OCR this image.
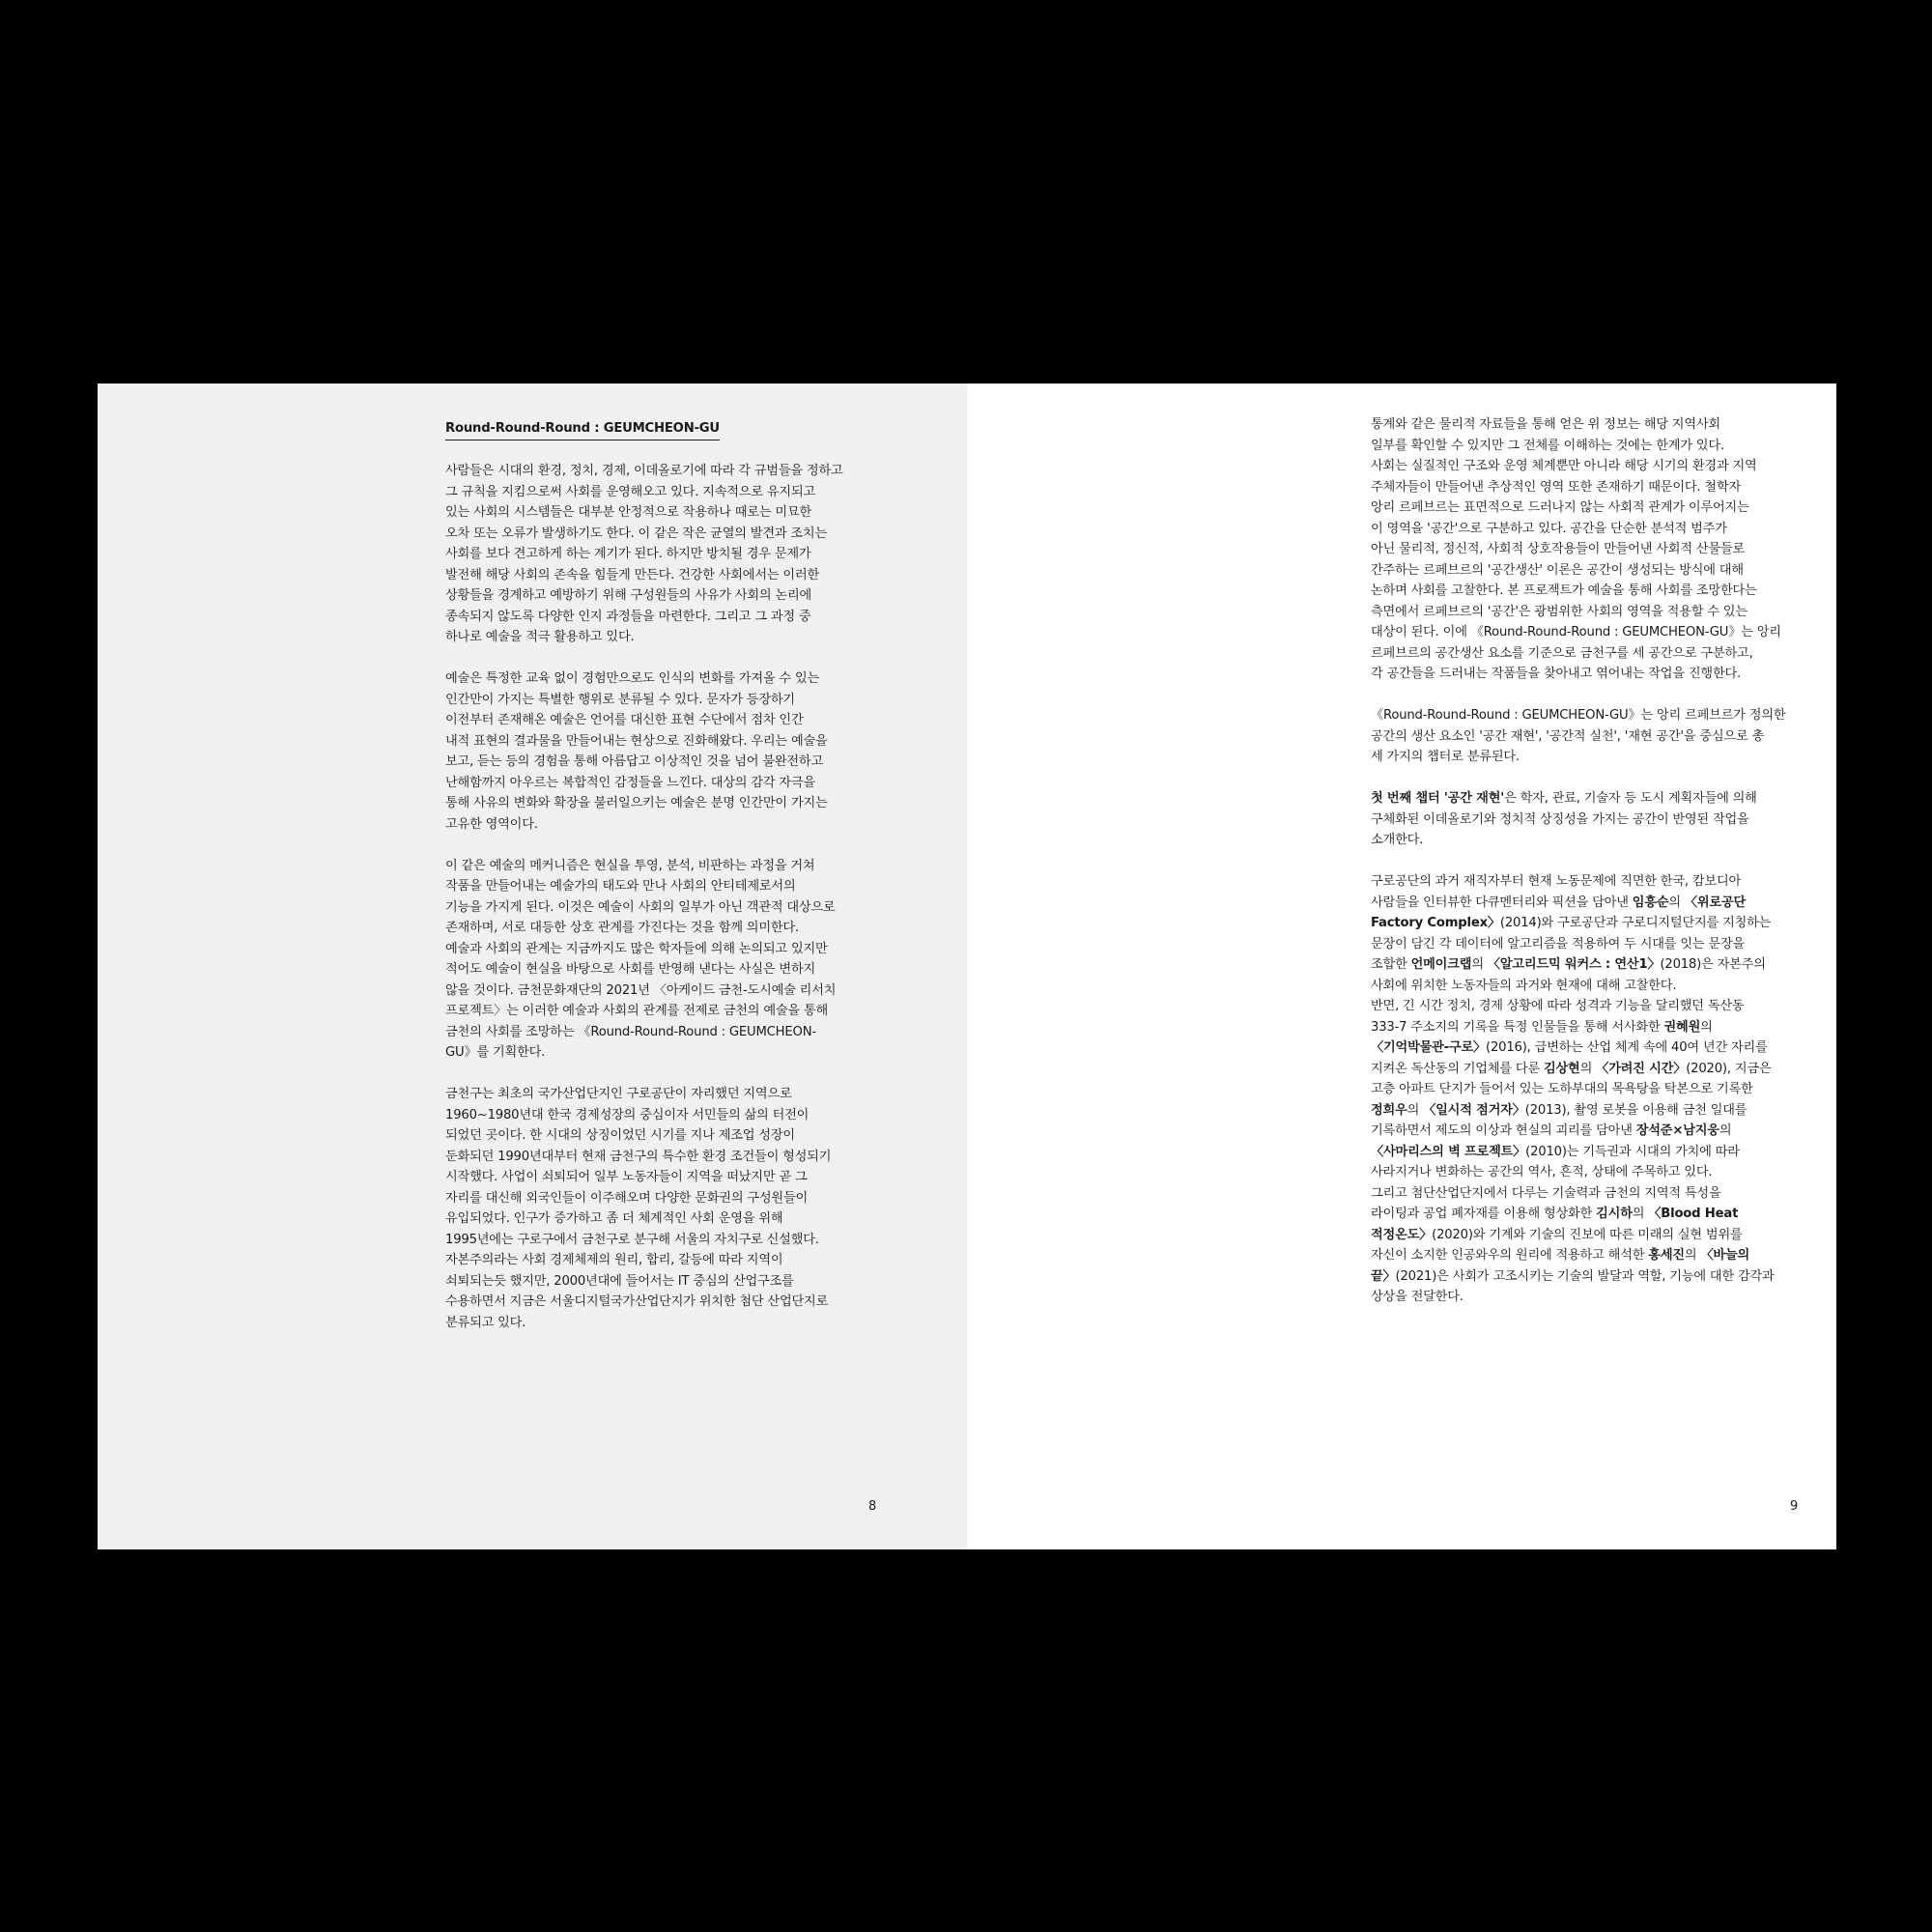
Round-Round-Round : GEUMCHEON-GU
사람들은 시대의 환경, 정치, 경제, 이데올로기에 따라 각 규범들을 정하고
그 규칙을 지킴으로써 사회를 운영해오고 있다. 지속적으로 유지되고
있는 사회의 시스템들은 대부분 안정적으로 작용하나 때로는 미묘한
오차 또는 오류가 발생하기도 한다. 이 같은 작은 균열의 발견과 조치는
사회를 보다 견고하게 하는 계기가 된다. 하지만 방치될 경우 문제가
발전해 해당 사회의 존속을 힘들게 만든다. 건강한 사회에서는 이러한
상황들을 경계하고 예방하기 위해 구성원들의 사유가 사회의 논리에
종속되지 않도록 다양한 인지 과정들을 마련한다. 그리고 그 과정 중
하나로 예술을 적극 활용하고 있다.
예술은 특정한 교육 없이 경험만으로도 인식의 변화를 가져올 수 있는
인간만이 가지는 특별한 행위로 분류될 수 있다. 문자가 등장하기
이전부터 존재해온 예술은 언어를 대신한 표현 수단에서 점차 인간
내적 표현의 결과물을 만들어내는 현상으로 진화해왔다. 우리는 예술을
보고, 듣는 등의 경험을 통해 아름답고 이상적인 것을 넘어 불완전하고
난해함까지 아우르는 복합적인 감정들을 느낀다. 대상의 감각 자극을
통해 사유의 변화와 확장을 불러일으키는 예술은 분명 인간만이 가지는
고유한 영역이다.
이 같은 예술의 메커니즘은 현실을 투영, 분석, 비판하는 과정을 거쳐
작품을 만들어내는 예술가의 태도와 만나 사회의 안티테제로서의
기능을 가지게 된다. 이것은 예술이 사회의 일부가 아닌 객관적 대상으로
존재하며, 서로 대등한 상호 관계를 가진다는 것을 함께 의미한다.
예술과 사회의 관계는 지금까지도 많은 학자들에 의해 논의되고 있지만
적어도 예술이 현실을 바탕으로 사회를 반영해 낸다는 사실은 변하지
않을 것이다. 금천문화재단의 2021년 〈아케이드 금천-도시예술 리서치
프로젝트〉는 이러한 예술과 사회의 관계를 전제로 금천의 예술을 통해
금천의 사회를 조망하는 《Round-Round-Round : GEUMCHEON-
GU》를 기획한다.
금천구는 최초의 국가산업단지인 구로공단이 자리했던 지역으로
1960~1980년대 한국 경제성장의 중심이자 서민들의 삶의 터전이
되었던 곳이다. 한 시대의 상징이었던 시기를 지나 제조업 성장이
둔화되던 1990년대부터 현재 금천구의 특수한 환경 조건들이 형성되기
시작했다. 사업이 쇠퇴되어 일부 노동자들이 지역을 떠났지만 곧 그
자리를 대신해 외국인들이 이주해오며 다양한 문화권의 구성원들이
유입되었다. 인구가 증가하고 좀 더 체계적인 사회 운영을 위해
1995년에는 구로구에서 금천구로 분구해 서울의 자치구로 신설했다.
자본주의라는 사회 경제체제의 원리, 합리, 갈등에 따라 지역이
쇠퇴되는듯 했지만, 2000년대에 들어서는 IT 중심의 산업구조를
수용하면서 지금은 서울디지털국가산업단지가 위치한 첨단 산업단지로
분류되고 있다.
8
통계와 같은 물리적 자료들을 통해 얻은 위 정보는 해당 지역사회
일부를 확인할 수 있지만 그 전체를 이해하는 것에는 한계가 있다.
사회는 실질적인 구조와 운영 체계뿐만 아니라 해당 시기의 환경과 지역
주체자들이 만들어낸 추상적인 영역 또한 존재하기 때문이다. 철학자
앙리 르페브르는 표면적으로 드러나지 않는 사회적 관계가 이루어지는
이 영역을 '공간'으로 구분하고 있다. 공간을 단순한 분석적 범주가
아닌 물리적, 정신적, 사회적 상호작용들이 만들어낸 사회적 산물들로
간주하는 르페브르의 '공간생산' 이론은 공간이 생성되는 방식에 대해
논하며 사회를 고찰한다. 본 프로젝트가 예술을 통해 사회를 조망한다는
측면에서 르페브르의 '공간'은 광범위한 사회의 영역을 적용할 수 있는
대상이 된다. 이에 《Round-Round-Round : GEUMCHEON-GU》는 앙리
르페브르의 공간생산 요소를 기준으로 금천구를 세 공간으로 구분하고,
각 공간들을 드러내는 작품들을 찾아내고 엮어내는 작업을 진행한다.
《Round-Round-Round : GEUMCHEON-GU》는 앙리 르페브르가 정의한
공간의 생산 요소인 '공간 재현', '공간적 실천', '재현 공간'을 중심으로 총
세 가지의 챕터로 분류된다.
첫 번째 챕터 '공간 재현'은 학자, 관료, 기술자 등 도시 계획자들에 의해
구체화된 이데올로기와 정치적 상징성을 가지는 공간이 반영된 작업을
소개한다.
구로공단의 과거 재직자부터 현재 노동문제에 직면한 한국, 캄보디아
사람들을 인터뷰한 다큐멘터리와 픽션을 담아낸 임흥순의 〈위로공단
Factory Complex〉(2014)와 구로공단과 구로디지털단지를 지칭하는
문장이 담긴 각 데이터에 알고리즘을 적용하여 두 시대를 잇는 문장을
조합한 언메이크랩의 〈알고리드믹 워커스 : 연산1〉(2018)은 자본주의
사회에 위치한 노동자들의 과거와 현재에 대해 고찰한다.
반면, 긴 시간 정치, 경제 상황에 따라 성격과 기능을 달리했던 독산동
333-7 주소지의 기록을 특정 인물들을 통해 서사화한 권혜원의
〈기억박물관-구로〉(2016), 급변하는 산업 체계 속에 40여 년간 자리를
지켜온 독산동의 기업체를 다룬 김상현의 〈가려진 시간〉(2020), 지금은
고층 아파트 단지가 들어서 있는 도하부대의 목욕탕을 탁본으로 기록한
정희우의 〈일시적 점거자〉(2013), 촬영 로봇을 이용해 금천 일대를
기록하면서 제도의 이상과 현실의 괴리를 담아낸 장석준×남지웅의
〈사마리스의 벽 프로젝트〉(2010)는 기득권과 시대의 가치에 따라
사라지거나 변화하는 공간의 역사, 흔적, 상태에 주목하고 있다.
그리고 첨단산업단지에서 다루는 기술력과 금천의 지역적 특성을
라이팅과 공업 폐자재를 이용해 형상화한 김시하의 〈Blood Heat
적정온도〉(2020)와 기계와 기술의 진보에 따른 미래의 실현 범위를
자신이 소지한 인공와우의 원리에 적용하고 해석한 홍세진의 〈바늘의
끝〉(2021)은 사회가 고조시키는 기술의 발달과 역할, 기능에 대한 감각과
상상을 전달한다.
9
